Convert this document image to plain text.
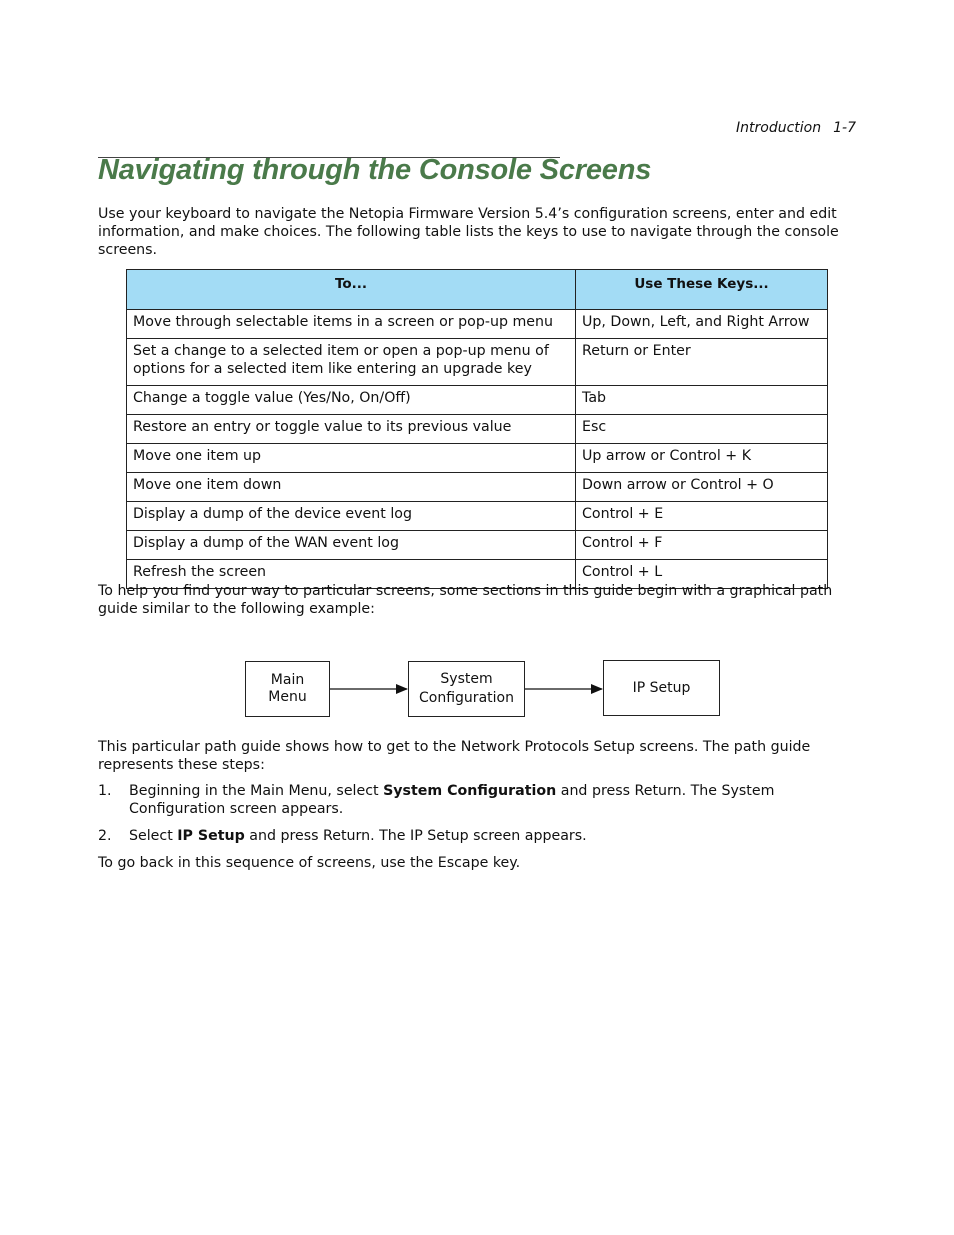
Introduction 1-7
Navigating through the Console Screens

Use your keyboard to navigate the Netopia Firmware Version 5.4’s configuration screens, enter and edit information, and make choices. The following table lists the keys to use to navigate through the console screens.

To...	Use These Keys...
Move through selectable items in a screen or pop-up menu	Up, Down, Left, and Right Arrow
Set a change to a selected item or open a pop-up menu of options for a selected item like entering an upgrade key	Return or Enter
Change a toggle value (Yes/No, On/Off)	Tab
Restore an entry or toggle value to its previous value	Esc
Move one item up	Up arrow or Control + K
Move one item down	Down arrow or Control + O
Display a dump of the device event log	Control + E
Display a dump of the WAN event log	Control + F
Refresh the screen	Control + L

To help you find your way to particular screens, some sections in this guide begin with a graphical path guide similar to the following example:

Main Menu
System Configuration
IP Setup

This particular path guide shows how to get to the Network Protocols Setup screens. The path guide represents these steps:

1. Beginning in the Main Menu, select System Configuration and press Return. The System Configuration screen appears.
2. Select IP Setup and press Return. The IP Setup screen appears.

To go back in this sequence of screens, use the Escape key.
